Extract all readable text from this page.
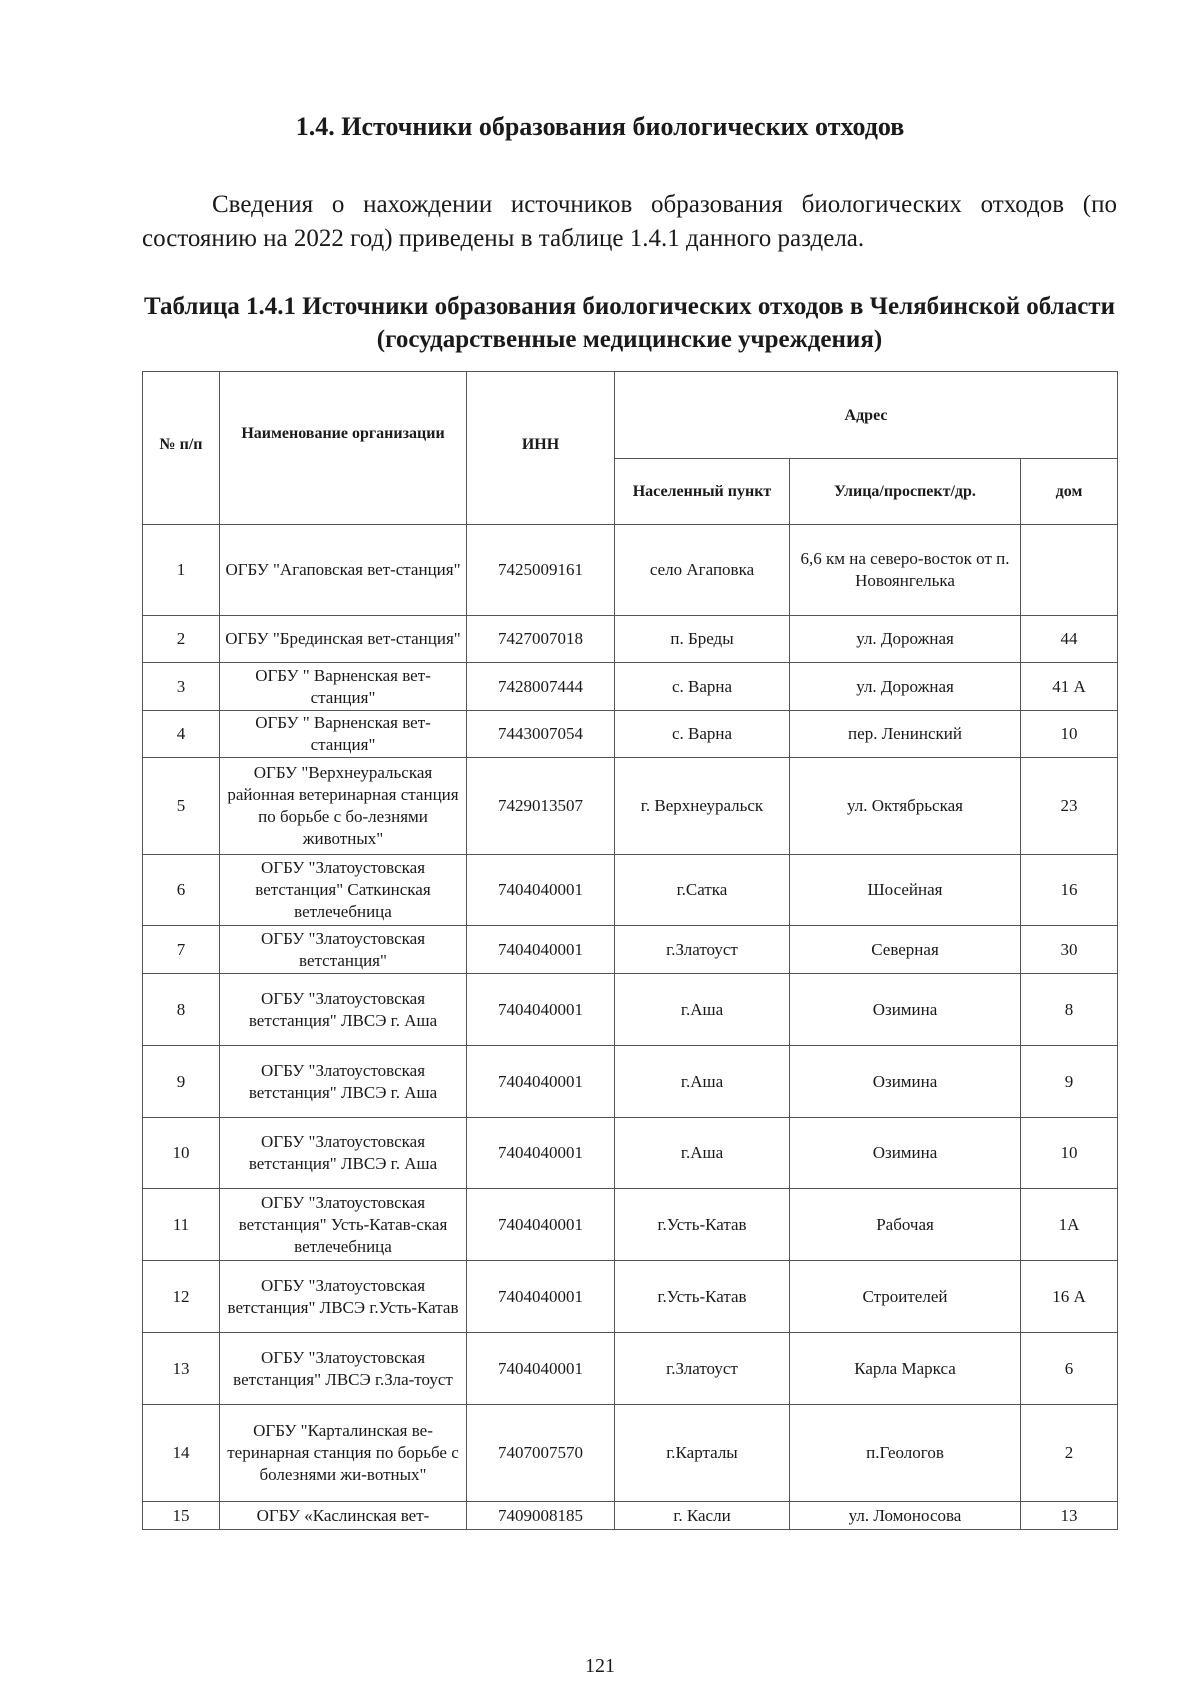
1.4. Источники образования биологических отходов

Сведения о нахождении источников образования биологических отходов (по состоянию на 2022 год) приведены в таблице 1.4.1 данного раздела.

Таблица 1.4.1 Источники образования биологических отходов в Челябинской области (государственные медицинские учреждения)

№ п/п	Наименование организации	ИНН	Адрес		
			Населенный пункт	Улица/проспект/др.	дом
1	ОГБУ "Агаповская вет-станция"	7425009161	село Агаповка	6,6 км на северо-восток от п. Новоянгелька	
2	ОГБУ "Брединская вет-станция"	7427007018	п. Бреды	ул. Дорожная	44
3	ОГБУ " Варненская вет-станция"	7428007444	с. Варна	ул. Дорожная	41 А
4	ОГБУ " Варненская вет-станция"	7443007054	с. Варна	пер. Ленинский	10
5	ОГБУ "Верхнеуральская районная ветеринарная станция по борьбе с бо-лезнями животных"	7429013507	г. Верхнеуральск	ул. Октябрьская	23
6	ОГБУ "Златоустовская ветстанция" Саткинская ветлечебница	7404040001	г.Сатка	Шосейная	16
7	ОГБУ "Златоустовская ветстанция"	7404040001	г.Златоуст	Северная	30
8	ОГБУ "Златоустовская ветстанция" ЛВСЭ г. Аша	7404040001	г.Аша	Озимина	8
9	ОГБУ "Златоустовская ветстанция" ЛВСЭ г. Аша	7404040001	г.Аша	Озимина	9
10	ОГБУ "Златоустовская ветстанция" ЛВСЭ г. Аша	7404040001	г.Аша	Озимина	10
11	ОГБУ "Златоустовская ветстанция" Усть-Катав-ская ветлечебница	7404040001	г.Усть-Катав	Рабочая	1А
12	ОГБУ "Златоустовская ветстанция" ЛВСЭ г.Усть-Катав	7404040001	г.Усть-Катав	Строителей	16 А
13	ОГБУ "Златоустовская ветстанция" ЛВСЭ г.Зла-тоуст	7404040001	г.Златоуст	Карла Маркса	6
14	ОГБУ "Карталинская ве-теринарная станция по борьбе с болезнями жи-вотных"	7407007570	г.Карталы	п.Геологов	2
15	ОГБУ «Каслинская вет-	7409008185	г. Касли	ул. Ломоносова	13
121
